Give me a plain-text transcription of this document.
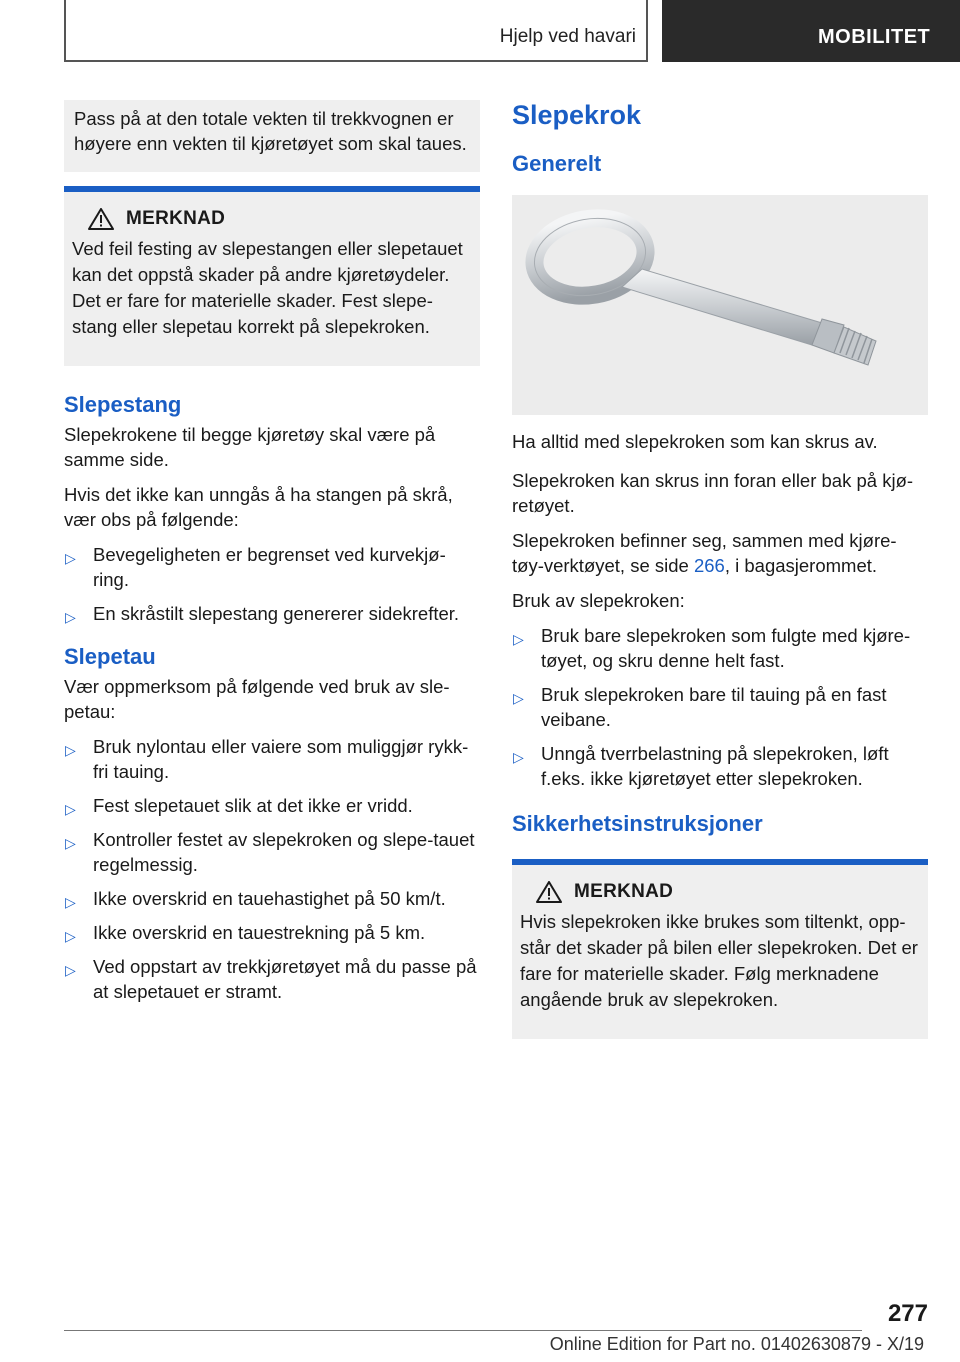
Hjelp ved havari	MOBILITET
Pass på at den totale vekten til trekkvognen er høyere enn vekten til kjøretøyet som skal taues.
MERKNAD
Ved feil festing av slepestangen eller slepetauet kan det oppstå skader på andre kjøretøydeler. Det er fare for materielle skader. Fest slepe-stang eller slepetau korrekt på slepekroken.
Slepestang

Slepekrokene til begge kjøretøy skal være på samme side.

Hvis det ikke kan unngås å ha stangen på skrå, vær obs på følgende:

▷ Bevegeligheten er begrenset ved kurvekjø-ring.
▷ En skråstilt slepestang genererer sidekrefter.
Slepetau

Vær oppmerksom på følgende ved bruk av sle-petau:

▷ Bruk nylontau eller vaiere som muliggjør rykk-fri tauing.
▷ Fest slepetauet slik at det ikke er vridd.
▷ Kontroller festet av slepekroken og slepe-tauet regelmessig.
▷ Ikke overskrid en tauehastighet på 50 km/t.
▷ Ikke overskrid en tauestrekning på 5 km.
▷ Ved oppstart av trekkjøretøyet må du passe på at slepetauet er stramt.
Slepekrok
Generelt

Ha alltid med slepekroken som kan skrus av.

Slepekroken kan skrus inn foran eller bak på kjø-retøyet.

Slepekroken befinner seg, sammen med kjøre-tøy-verktøyet, se side 266, i bagasjerommet.

Bruk av slepekroken:

▷ Bruk bare slepekroken som fulgte med kjøre-tøyet, og skru denne helt fast.
▷ Bruk slepekroken bare til tauing på en fast veibane.
▷ Unngå tverrbelastning på slepekroken, løft f.eks. ikke kjøretøyet etter slepekroken.
Sikkerhetsinstruksjoner
MERKNAD
Hvis slepekroken ikke brukes som tiltenkt, opp-står det skader på bilen eller slepekroken. Det er fare for materielle skader. Følg merknadene angående bruk av slepekroken.
277
Online Edition for Part no. 01402630879 - X/19
